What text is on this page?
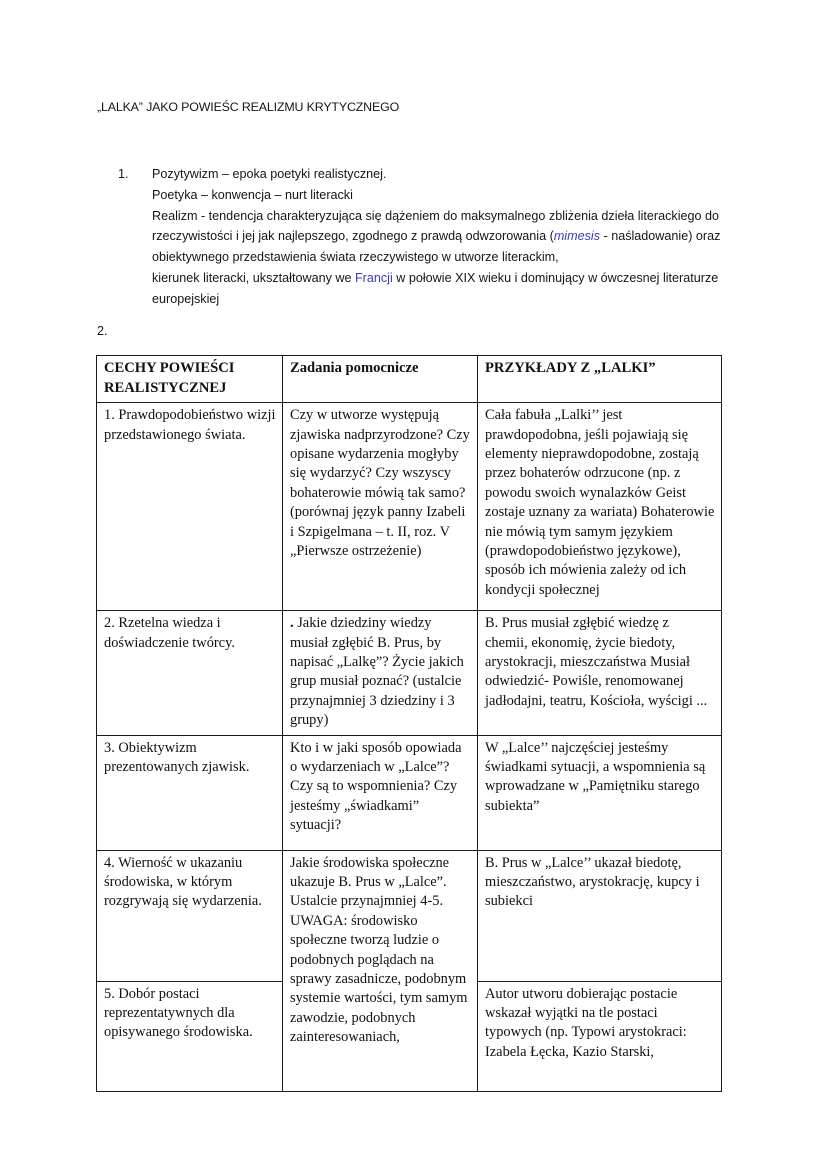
„LALKA” JAKO POWIEŚC REALIZMU KRYTYCZNEGO
1.	Pozytywizm – epoka poetyki realistycznej.

Poetyka – konwencja – nurt literacki

Realizm - tendencja charakteryzująca się dążeniem do maksymalnego zbliżenia dzieła literackiego do rzeczywistości i jej jak najlepszego, zgodnego z prawdą odwzorowania (mimesis - naśladowanie) oraz obiektywnego przedstawienia świata rzeczywistego w utworze literackim,

kierunek literacki, ukształtowany we Francji w połowie XIX wieku i dominujący w ówczesnej literaturze europejskiej

2.
CECHY POWIEŚCI REALISTYCZNEJ	Zadania pomocnicze	PRZYKŁADY Z „LALKI”
1. Prawdopodobieństwo wizji przedstawionego świata.	Czy w utworze występują zjawiska nadprzyrodzone? Czy opisane wydarzenia mogłyby się wydarzyć? Czy wszyscy bohaterowie mówią tak samo? (porównaj język panny Izabeli i Szpigelmana – t. II, roz. V „Pierwsze ostrzeżenie)	Cała fabuła „Lalki’’ jest prawdopodobna, jeśli pojawiają się elementy nieprawdopodobne, zostają przez bohaterów odrzucone (np. z powodu swoich wynalazków Geist zostaje uznany za wariata) Bohaterowie nie mówią tym samym językiem (prawdopodobieństwo językowe), sposób ich mówienia zależy od ich kondycji społecznej
2. Rzetelna wiedza i doświadczenie twórcy.	. Jakie dziedziny wiedzy musiał zgłębić B. Prus, by napisać „Lalkę”? Życie jakich grup musiał poznać? (ustalcie przynajmniej 3 dziedziny i 3 grupy)	B. Prus musiał zgłębić wiedzę z chemii, ekonomię, życie biedoty, arystokracji, mieszczaństwa Musiał odwiedzić- Powiśle, renomowanej jadłodajni, teatru, Kościoła, wyścigi ...
3. Obiektywizm prezentowanych zjawisk.	Kto i w jaki sposób opowiada o wydarzeniach w „Lalce”? Czy są to wspomnienia? Czy jesteśmy „świadkami” sytuacji?	W „Lalce’’ najczęściej jesteśmy świadkami sytuacji, a wspomnienia są wprowadzane w „Pamiętniku starego subiekta”
4. Wierność w ukazaniu środowiska, w którym rozgrywają się wydarzenia.	Jakie środowiska społeczne ukazuje B. Prus w „Lalce”. Ustalcie przynajmniej 4-5. UWAGA: środowisko społeczne tworzą ludzie o podobnych poglądach na sprawy zasadnicze, podobnym systemie wartości, tym samym zawodzie, podobnych zainteresowaniach,	B. Prus w „Lalce’’ ukazał biedotę, mieszczaństwo, arystokrację, kupcy i subiekci
5. Dobór postaci reprezentatywnych dla opisywanego środowiska.		Autor utworu dobierając postacie wskazał wyjątki na tle postaci typowych (np. Typowi arystokraci: Izabela Łęcka, Kazio Starski,
